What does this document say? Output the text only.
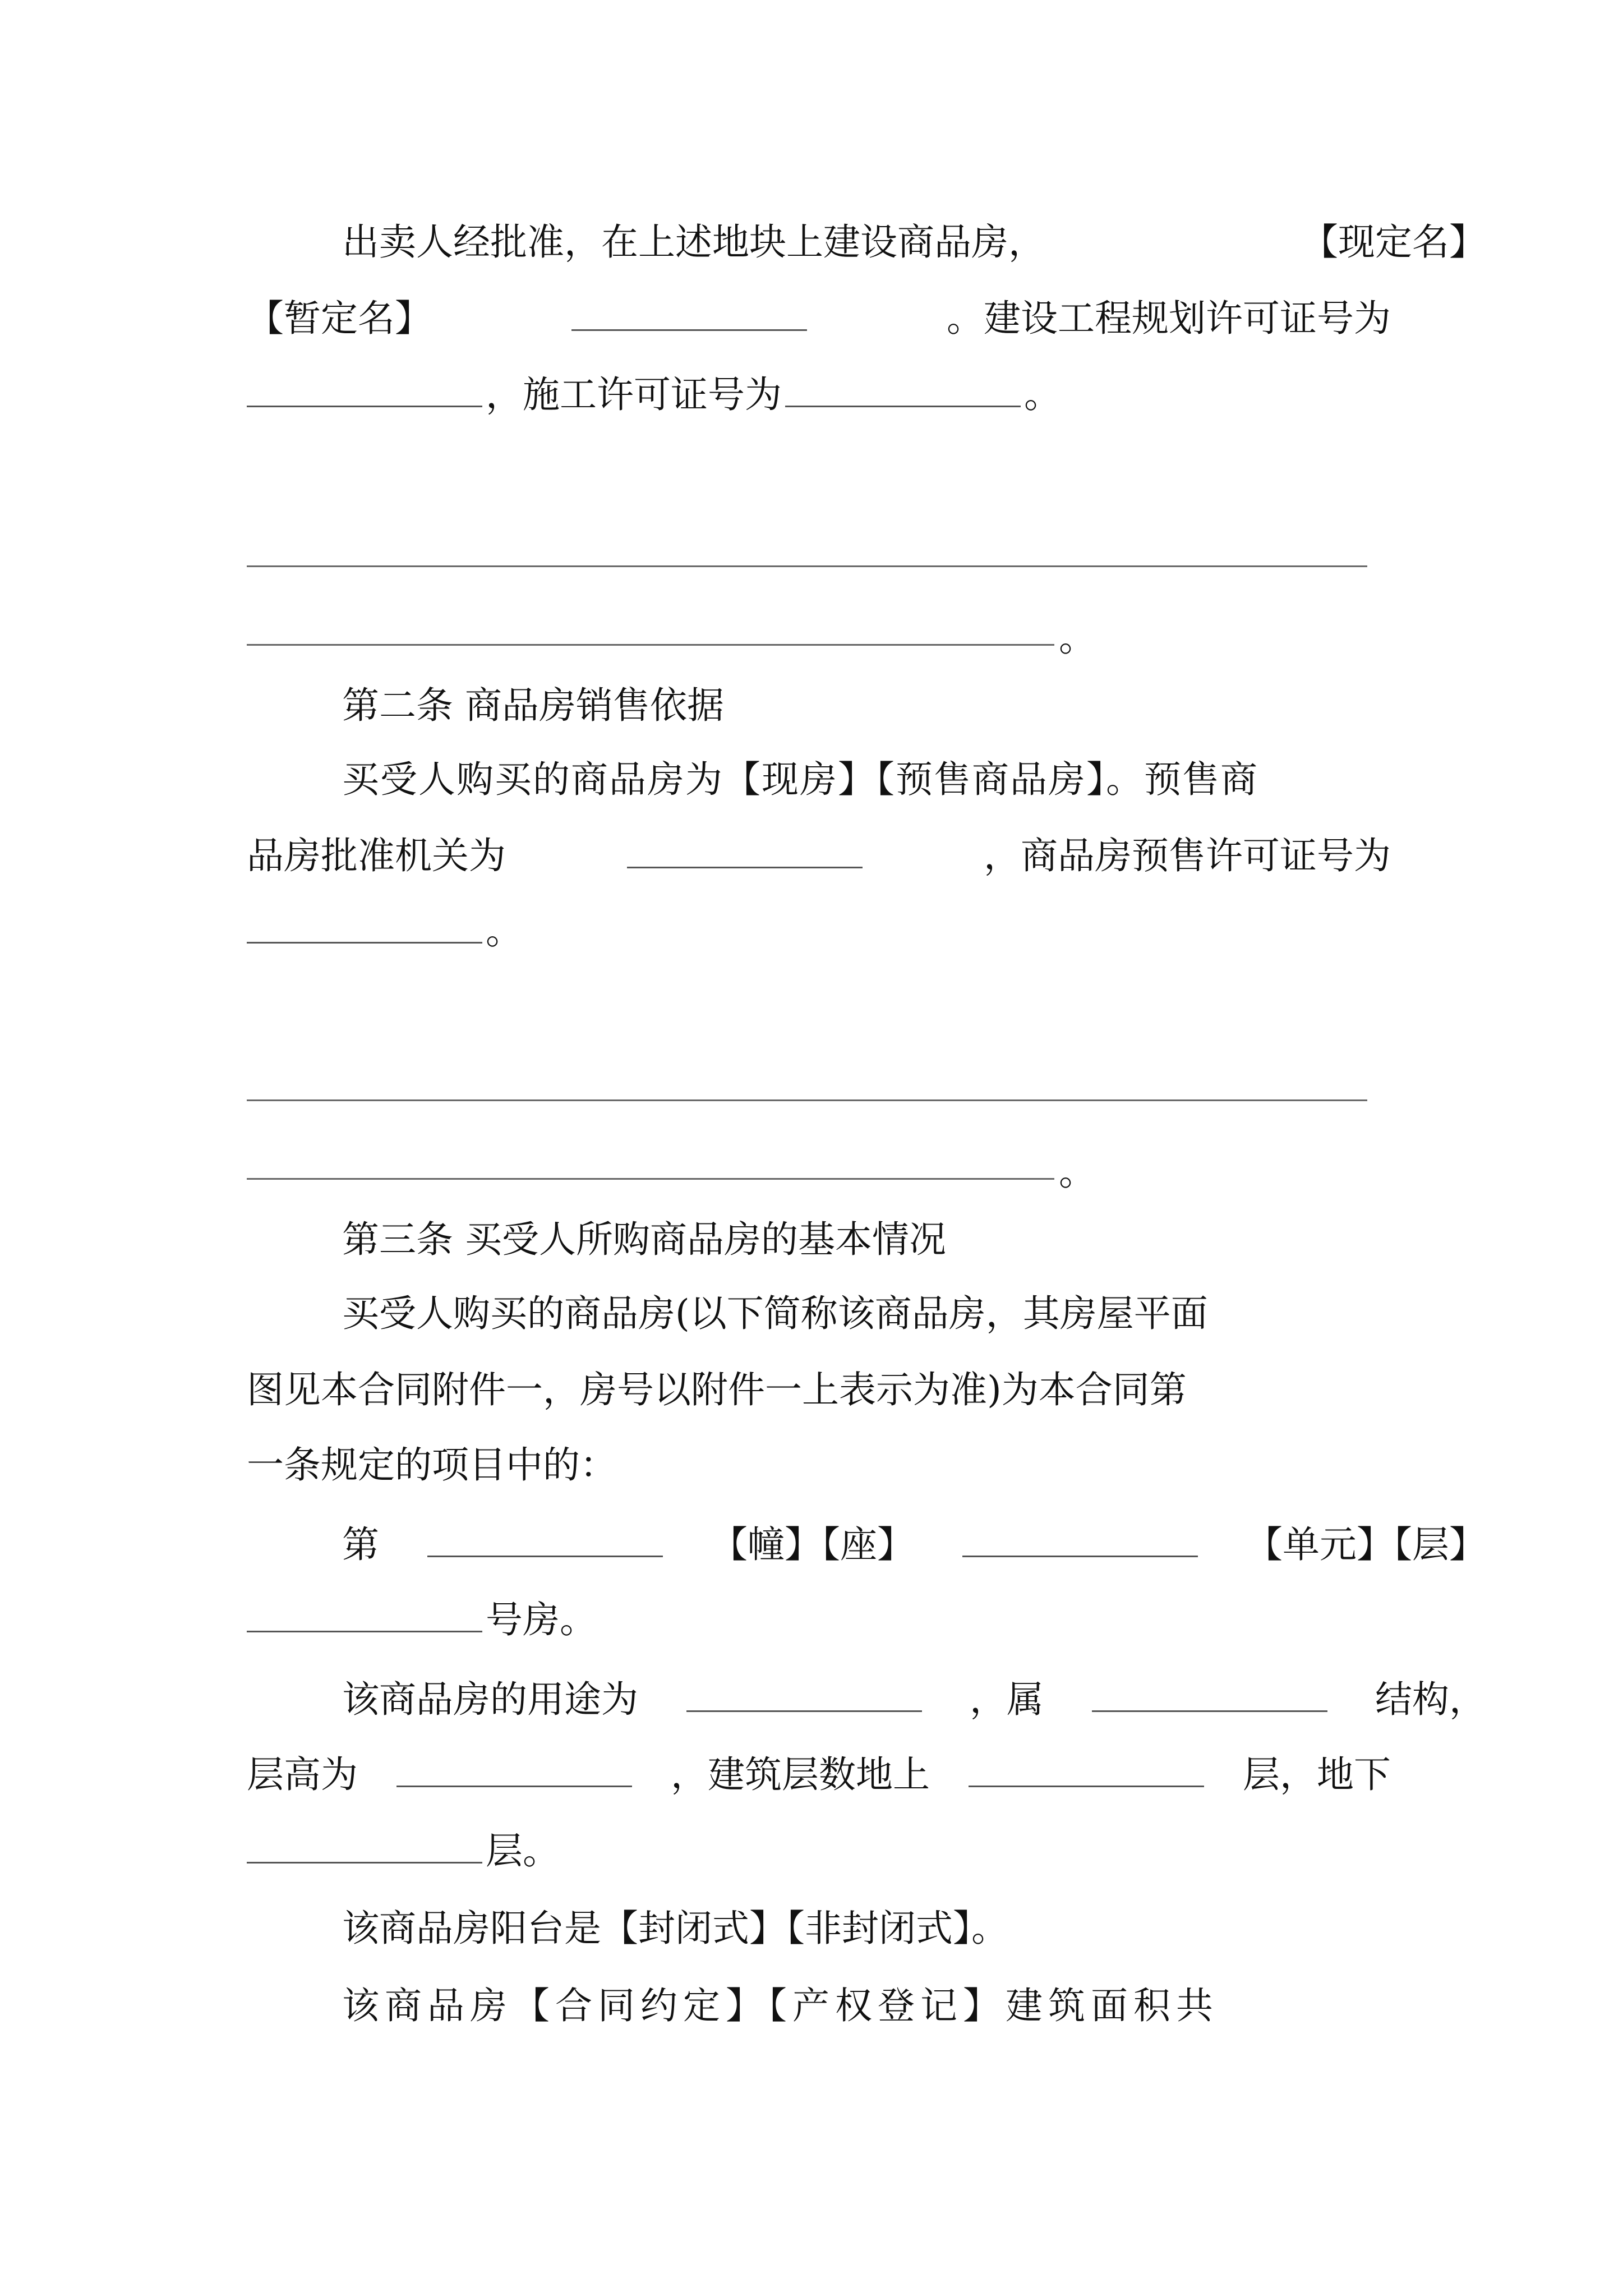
出卖人经批准，在上述地块上建设商品房，	【现定名】
【暂定名】	。建设工程规划许可证号为
，施工许可证号为	。
。
第二条 商品房销售依据
买受人购买的商品房为【现房】【预售商品房】。预售商
品房批准机关为	，商品房预售许可证号为
。
。
第三条 买受人所购商品房的基本情况
买受人购买的商品房(以下简称该商品房，其房屋平面
图见本合同附件一，房号以附件一上表示为准)为本合同第
一条规定的项目中的：
第	【幢】【座】	【单元】【层】
号房。
该商品房的用途为	，属	结构，
层高为	，建筑层数地上	层，地下
层。
该商品房阳台是【封闭式】【非封闭式】。
该商品房【合同约定】【产权登记】建筑面积共
